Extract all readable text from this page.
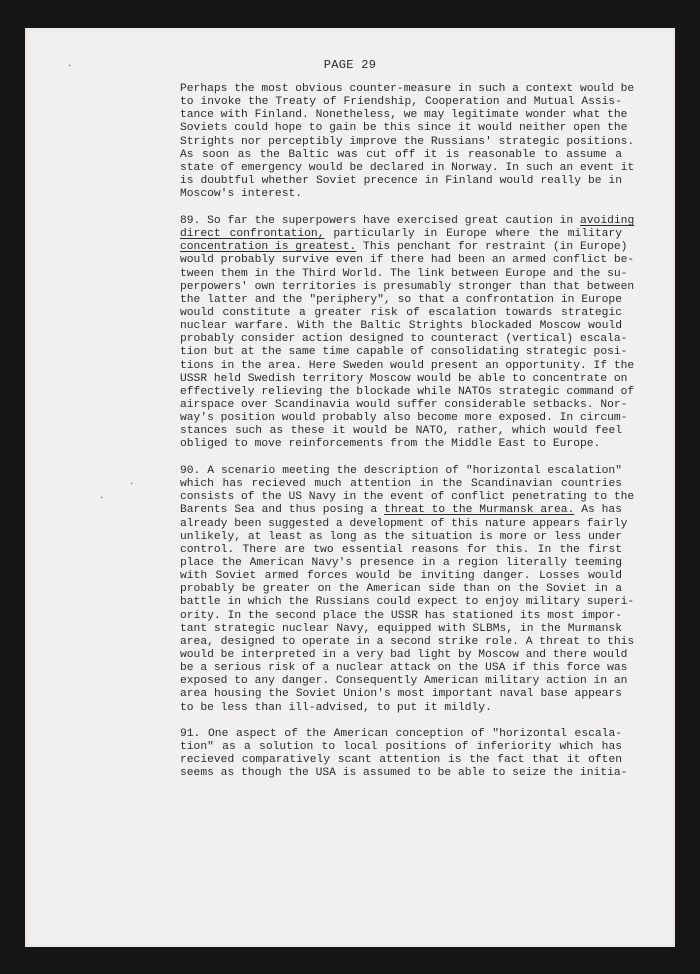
PAGE 29
Perhaps the most obvious counter-measure in such a context would be
to invoke the Treaty of Friendship, Cooperation and Mutual Assis-
tance with Finland. Nonetheless, we may legitimate wonder what the
Soviets could hope to gain be this since it would neither open the
Strights nor perceptibly improve the Russians' strategic positions.
As soon as the Baltic was cut off it is reasonable to assume a
state of emergency would be declared in Norway. In such an event it
is doubtful whether Soviet precence in Finland would really be in
Moscow's interest.
89. So far the superpowers have exercised great caution in avoiding
direct confrontation, particularly in Europe where the military
concentration is greatest. This penchant for restraint (in Europe)
would probably survive even if there had been an armed conflict be-
tween them in the Third World. The link between Europe and the su-
perpowers' own territories is presumably stronger than that between
the latter and the "periphery", so that a confrontation in Europe
would constitute a greater risk of escalation towards strategic
nuclear warfare. With the Baltic Strights blockaded Moscow would
probably consider action designed to counteract (vertical) escala-
tion but at the same time capable of consolidating strategic posi-
tions in the area. Here Sweden would present an opportunity. If the
USSR held Swedish territory Moscow would be able to concentrate on
effectively relieving the blockade while NATOs strategic command of
airspace over Scandinavia would suffer considerable setbacks. Nor-
way's position would probably also become more exposed. In circum-
stances such as these it would be NATO, rather, which would feel
obliged to move reinforcements from the Middle East to Europe.
90. A scenario meeting the description of "horizontal escalation"
which has recieved much attention in the Scandinavian countries
consists of the US Navy in the event of conflict penetrating to the
Barents Sea and thus posing a threat to the Murmansk area. As has
already been suggested a development of this nature appears fairly
unlikely, at least as long as the situation is more or less under
control. There are two essential reasons for this. In the first
place the American Navy's presence in a region literally teeming
with Soviet armed forces would be inviting danger. Losses would
probably be greater on the American side than on the Soviet in a
battle in which the Russians could expect to enjoy military superi-
ority. In the second place the USSR has stationed its most impor-
tant strategic nuclear Navy, equipped with SLBMs, in the Murmansk
area, designed to operate in a second strike role. A threat to this
would be interpreted in a very bad light by Moscow and there would
be a serious risk of a nuclear attack on the USA if this force was
exposed to any danger. Consequently American military action in an
area housing the Soviet Union's most important naval base appears
to be less than ill-advised, to put it mildly.
91. One aspect of the American conception of "horizontal escala-
tion" as a solution to local positions of inferiority which has
recieved comparatively scant attention is the fact that it often
seems as though the USA is assumed to be able to seize the initia-
·
·
·
